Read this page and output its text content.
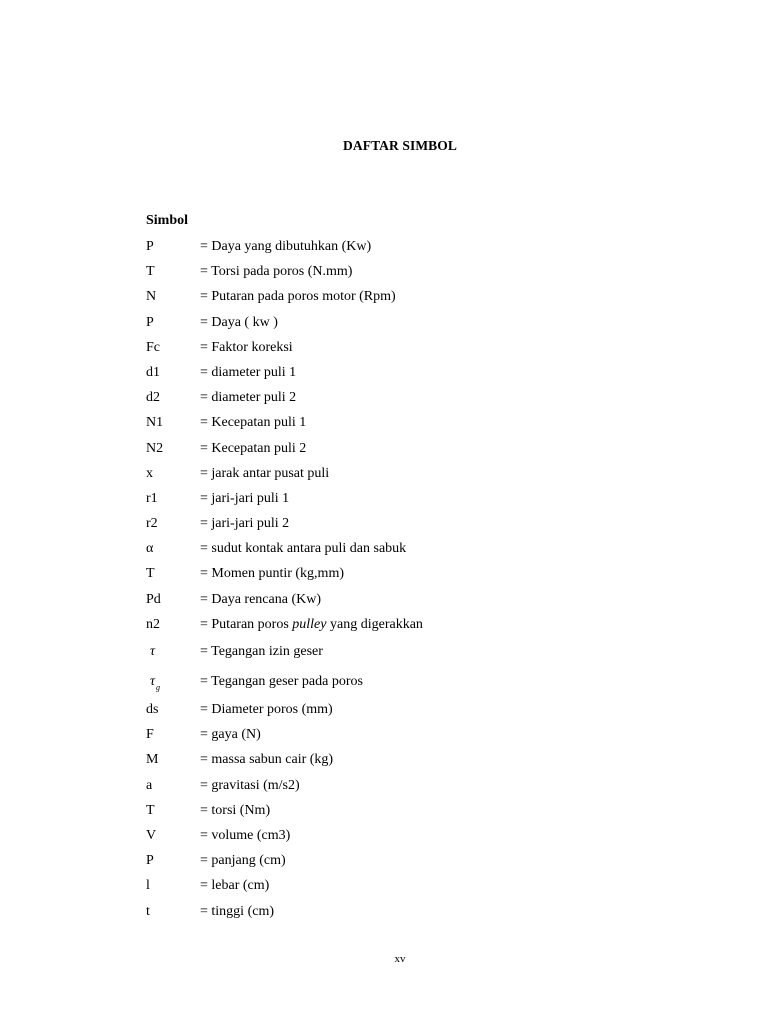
DAFTAR SIMBOL
Simbol
P	= Daya yang dibutuhkan (Kw)
T	= Torsi pada poros (N.mm)
N	= Putaran pada poros motor (Rpm)
P	= Daya ( kw )
Fc	= Faktor koreksi
d1	= diameter puli 1
d2	= diameter puli 2
N1	= Kecepatan puli 1
N2	= Kecepatan puli 2
x	= jarak antar pusat puli
r1	= jari-jari puli 1
r2	= jari-jari puli 2
α	= sudut kontak antara puli dan sabuk
T	= Momen puntir (kg,mm)
Pd	= Daya rencana (Kw)
n2	= Putaran poros pulley yang digerakkan
τ	= Tegangan izin geser
$\tau_g$	= Tegangan geser pada poros
ds	= Diameter poros (mm)
F	= gaya (N)
M	= massa sabun cair (kg)
a	= gravitasi (m/s2)
T	= torsi (Nm)
V	= volume (cm3)
P	= panjang (cm)
l	= lebar (cm)
t	= tinggi (cm)
xv
